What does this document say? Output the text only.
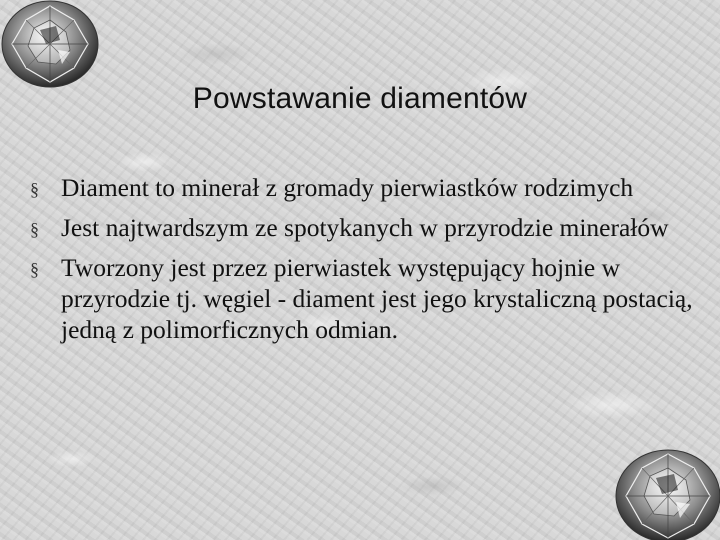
Powstawanie diamentów
§ Diament to minerał z gromady pierwiastków rodzimych
§ Jest najtwardszym ze spotykanych w przyrodzie minerałów
§ Tworzony jest przez pierwiastek występujący hojnie w przyrodzie tj. węgiel - diament jest jego krystaliczną postacią, jedną z polimorficznych odmian.
